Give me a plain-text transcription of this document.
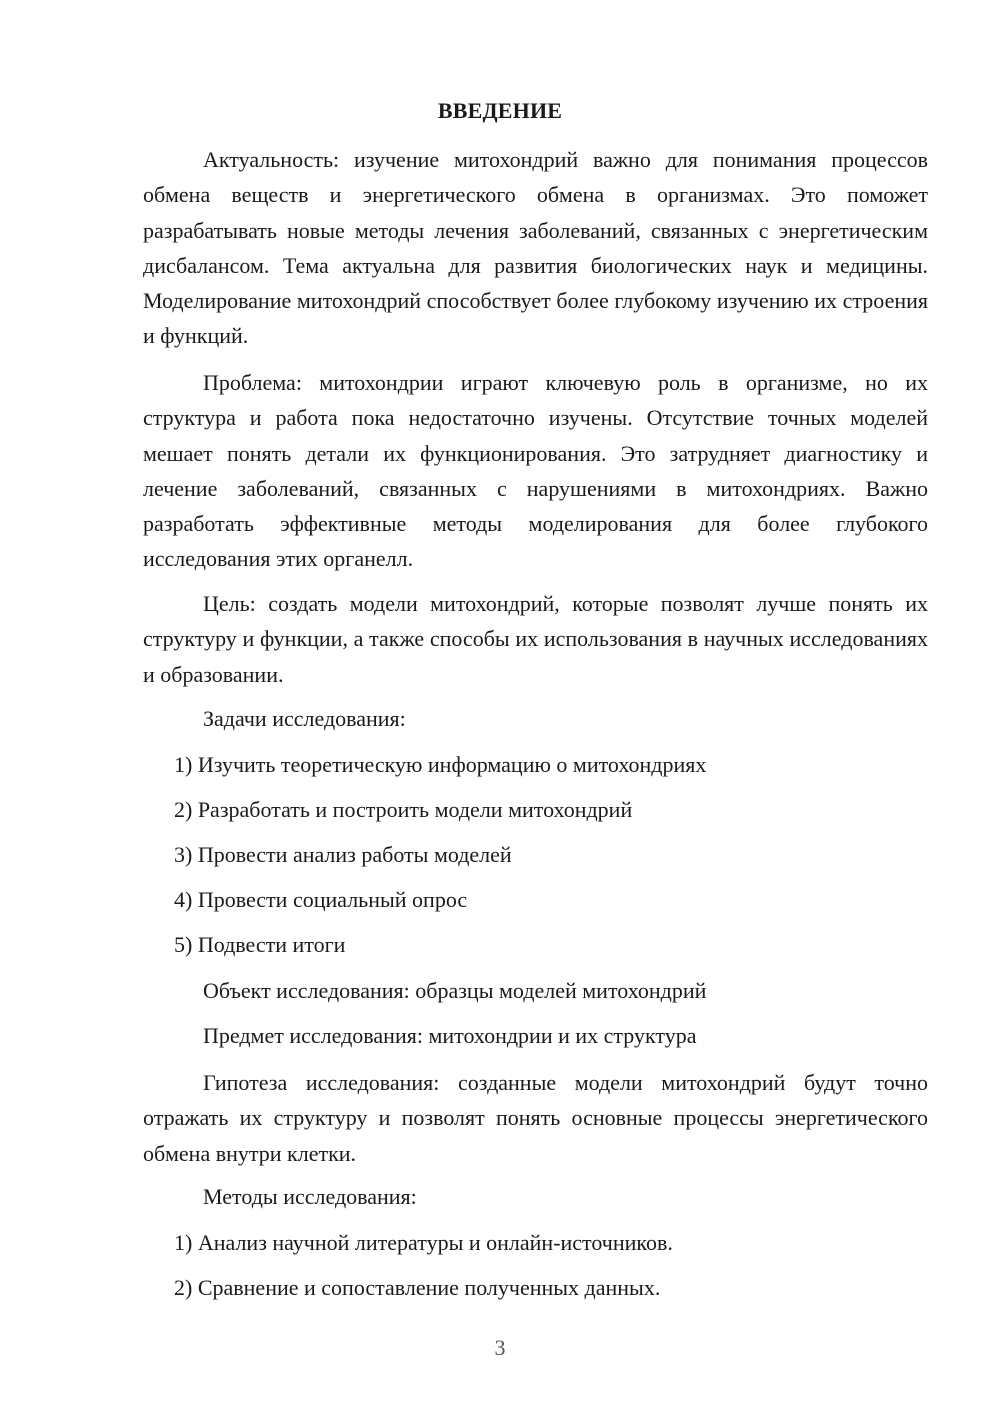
ВВЕДЕНИЕ

Актуальность: изучение митохондрий важно для понимания процессов обмена веществ и энергетического обмена в организмах. Это поможет разрабатывать новые методы лечения заболеваний, связанных с энергетическим дисбалансом. Тема актуальна для развития биологических наук и медицины. Моделирование митохондрий способствует более глубокому изучению их строения и функций.

Проблема: митохондрии играют ключевую роль в организме, но их структура и работа пока недостаточно изучены. Отсутствие точных моделей мешает понять детали их функционирования. Это затрудняет диагностику и лечение заболеваний, связанных с нарушениями в митохондриях. Важно разработать эффективные методы моделирования для более глубокого исследования этих органелл.

Цель: создать модели митохондрий, которые позволят лучше понять их структуру и функции, а также способы их использования в научных исследованиях и образовании.

Задачи исследования:
1) Изучить теоретическую информацию о митохондриях
2) Разработать и построить модели митохондрий
3) Провести анализ работы моделей
4) Провести социальный опрос
5) Подвести итоги
Объект исследования: образцы моделей митохондрий
Предмет исследования: митохондрии и их структура

Гипотеза исследования: созданные модели митохондрий будут точно отражать их структуру и позволят понять основные процессы энергетического обмена внутри клетки.

Методы исследования:
1) Анализ научной литературы и онлайн-источников.
2) Сравнение и сопоставление полученных данных.
3
